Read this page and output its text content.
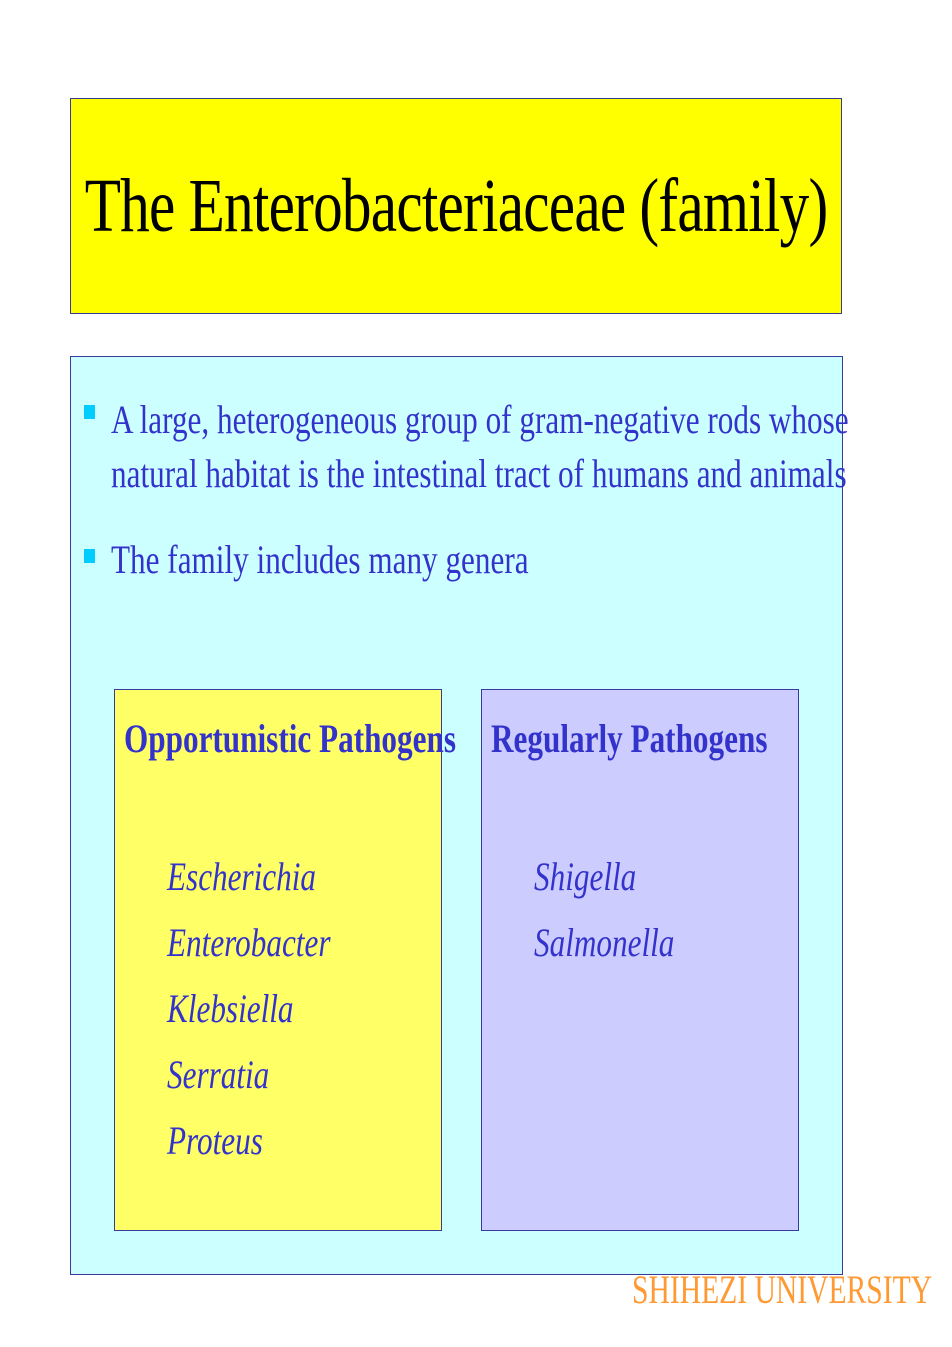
The Enterobacteriaceae (family)
A large, heterogeneous group of gram-negative rods whose
natural habitat is the intestinal tract of humans and animals
The family includes many genera
Opportunistic Pathogens
Escherichia
Enterobacter
Klebsiella
Serratia
Proteus
Regularly Pathogens
Shigella
Salmonella
SHIHEZI UNIVERSITY
